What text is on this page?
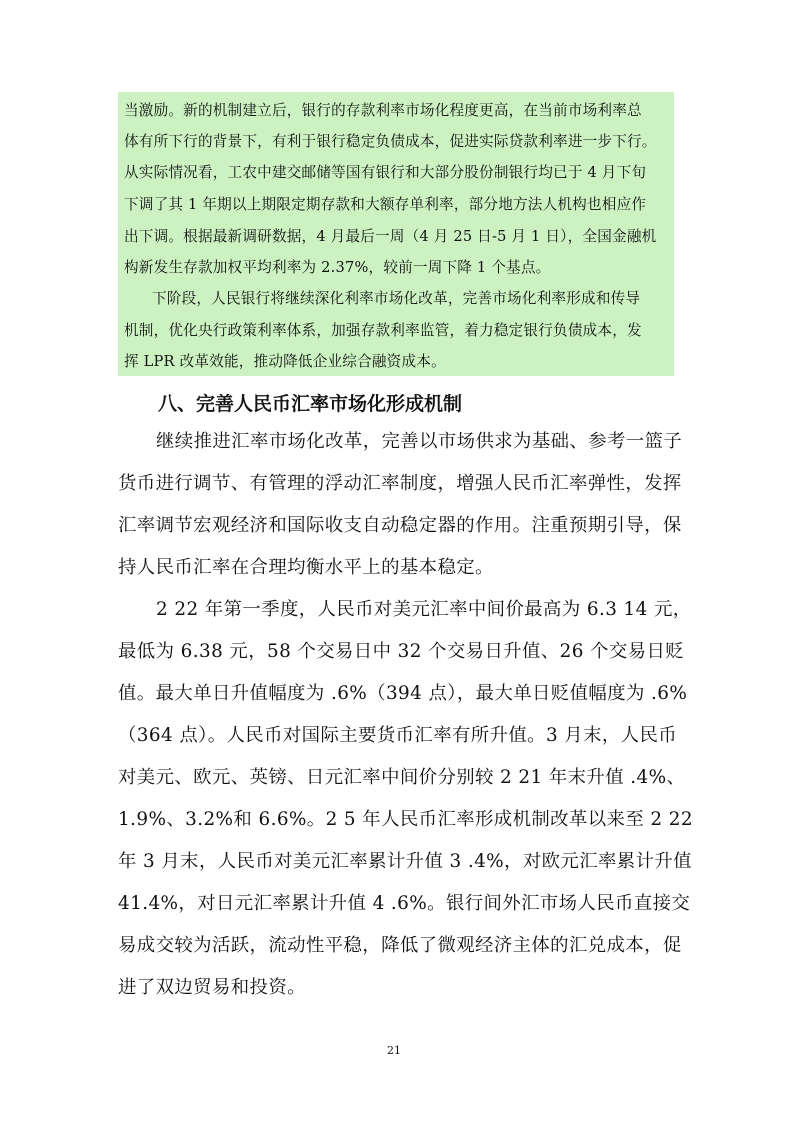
当激励。新的机制建立后，银行的存款利率市场化程度更高，在当前市场利率总
体有所下行的背景下，有利于银行稳定负债成本，促进实际贷款利率进一步下行。
从实际情况看，工农中建交邮储等国有银行和大部分股份制银行均已于 4 月下旬
下调了其 1 年期以上期限定期存款和大额存单利率，部分地方法人机构也相应作
出下调。根据最新调研数据，4 月最后一周（4 月 25 日-5 月 1 日），全国金融机
构新发生存款加权平均利率为 2.37%，较前一周下降 1 个基点。
下阶段，人民银行将继续深化利率市场化改革，完善市场化利率形成和传导
机制，优化央行政策利率体系，加强存款利率监管，着力稳定银行负债成本，发
挥 LPR 改革效能，推动降低企业综合融资成本。
八、完善人民币汇率市场化形成机制
继续推进汇率市场化改革，完善以市场供求为基础、参考一篮子
货币进行调节、有管理的浮动汇率制度，增强人民币汇率弹性，发挥
汇率调节宏观经济和国际收支自动稳定器的作用。注重预期引导，保
持人民币汇率在合理均衡水平上的基本稳定。
2 22 年第一季度，人民币对美元汇率中间价最高为 6.3 14 元，
最低为 6.38 元，58 个交易日中 32 个交易日升值、26 个交易日贬
值。最大单日升值幅度为 .6%（394 点），最大单日贬值幅度为 .6%
（364 点）。人民币对国际主要货币汇率有所升值。3 月末，人民币
对美元、欧元、英镑、日元汇率中间价分别较 2 21 年末升值 .4%、
1.9%、3.2%和 6.6%。2 5 年人民币汇率形成机制改革以来至 2 22
年 3 月末，人民币对美元汇率累计升值 3 .4%，对欧元汇率累计升值
41.4%，对日元汇率累计升值 4 .6%。银行间外汇市场人民币直接交
易成交较为活跃，流动性平稳，降低了微观经济主体的汇兑成本，促
进了双边贸易和投资。
21
